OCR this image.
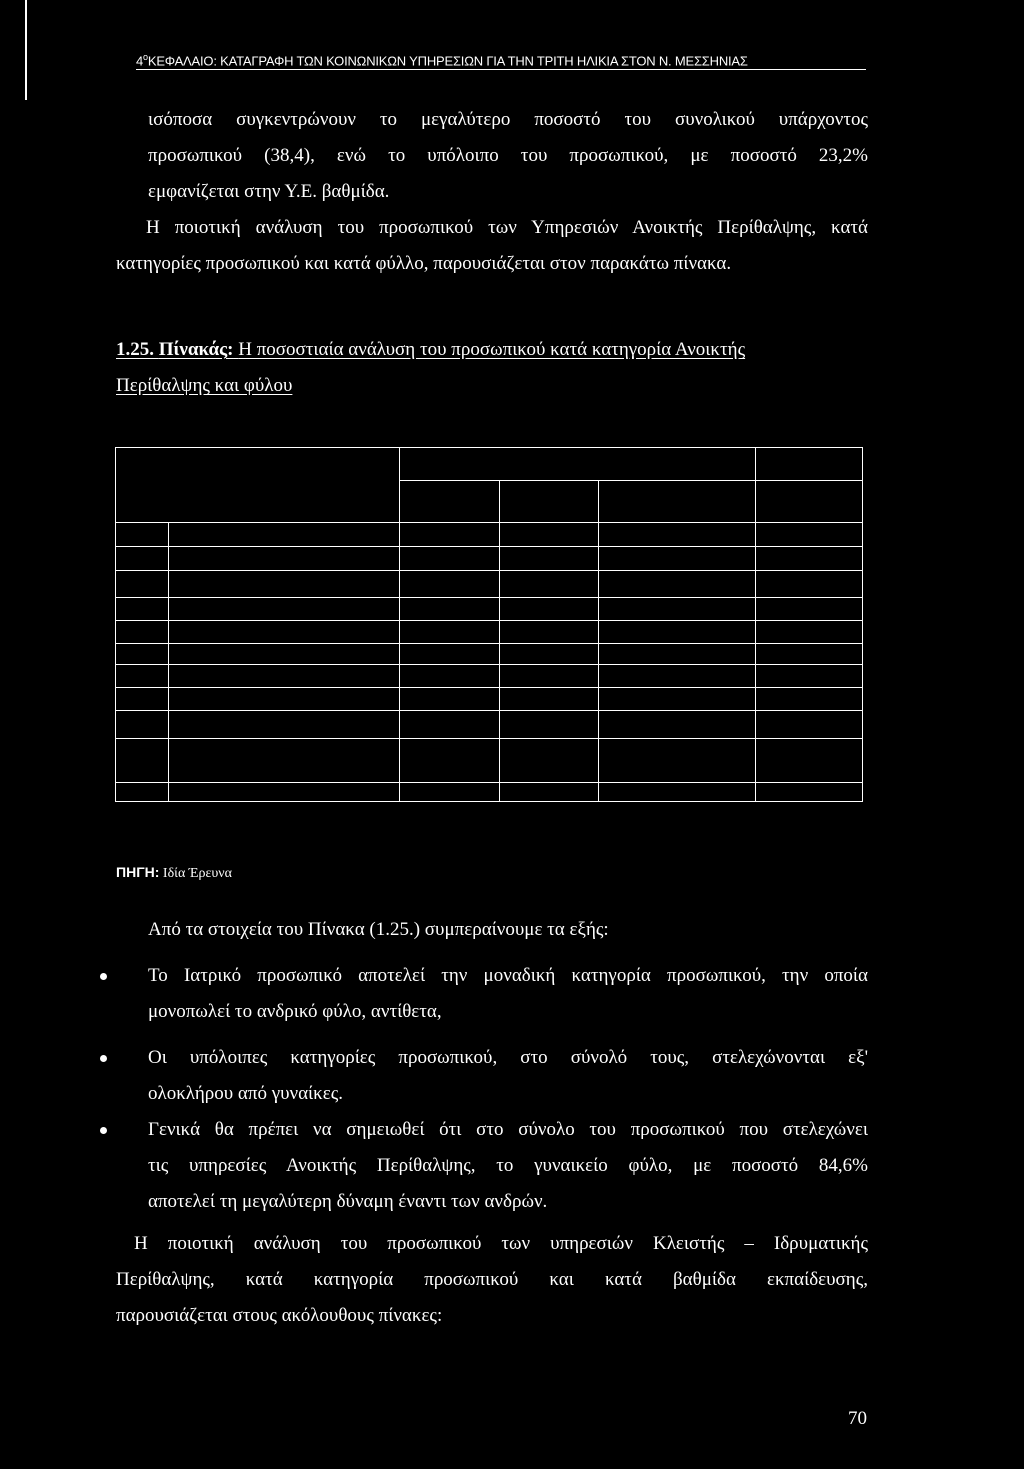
$4^oKE\Phi A\Lambda AIO$: ΚΑΤΑΓΡΑΦΗ ΤΩΝ ΚΟΙΝΩΝΙΚΩΝ ΥΠΗΡΕΣΙΩΝ ΓΙΑ ΤΗΝ ΤΡΙΤΗ ΗΛΙΚΙΑ ΣΤΟΝ Ν. ΜΕΣΣΗΝΙΑΣ
ισόποσα συγκεντρώνουν το μεγαλύτερο ποσοστό του συνολικού υπάρχοντος
προσωπικού (38,4), ενώ το υπόλοιπο του προσωπικού, με ποσοστό 23,2%
εμφανίζεται στην Υ.Ε. βαθμίδα.
Η ποιοτική ανάλυση του προσωπικού των Υπηρεσιών Ανοικτής Περίθαλψης, κατά
κατηγορίες προσωπικού και κατά φύλλο, παρουσιάζεται στον παρακάτω πίνακα.
1.25. Πίνακάς: Η ποσοστιαία ανάλυση του προσωπικού κατά κατηγορία Ανοικτής
Περίθαλψης και φύλου
ΠΗΓΗ: Ιδία Έρευνα
Από τα στοιχεία του Πίνακα (1.25.) συμπεραίνουμε τα εξής:
Το Ιατρικό προσωπικό αποτελεί την μοναδική κατηγορία προσωπικού, την οποία
μονοπωλεί το ανδρικό φύλο, αντίθετα,
Οι υπόλοιπες κατηγορίες προσωπικού, στο σύνολό τους, στελεχώνονται εξ'
ολοκλήρου από γυναίκες.
Γενικά θα πρέπει να σημειωθεί ότι στο σύνολο του προσωπικού που στελεχώνει
τις υπηρεσίες Ανοικτής Περίθαλψης, το γυναικείο φύλο, με ποσοστό 84,6%
αποτελεί τη μεγαλύτερη δύναμη έναντι των ανδρών.
Η ποιοτική ανάλυση του προσωπικού των υπηρεσιών Κλειστής – Ιδρυματικής
Περίθαλψης, κατά κατηγορία προσωπικού και κατά βαθμίδα εκπαίδευσης,
παρουσιάζεται στους ακόλουθους πίνακες:
70
